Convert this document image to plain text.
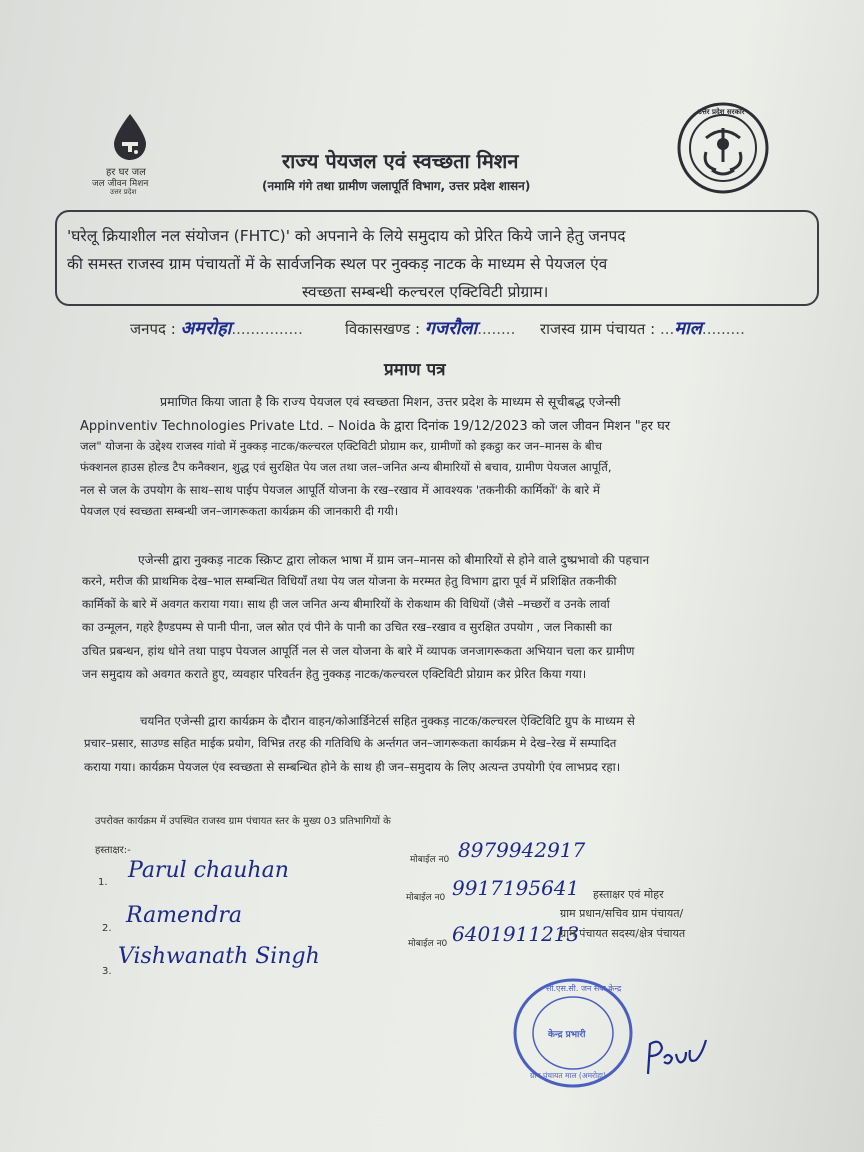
हर घर जल
जल जीवन मिशन
उत्तर प्रदेश
उत्तर प्रदेश सरकार
राज्य पेयजल एवं स्वच्छता मिशन
(नमामि गंगे तथा ग्रामीण जलापूर्ति विभाग, उत्तर प्रदेश शासन)
'घरेलू क्रियाशील नल संयोजन (FHTC)' को अपनाने के लिये समुदाय को प्रेरित किये जाने हेतु जनपद
की समस्त राजस्व ग्राम पंचायतों में के सार्वजनिक स्थल पर नुक्कड़ नाटक के माध्यम से पेयजल एंव
स्वच्छता सम्बन्धी कल्चरल एक्टिविटी प्रोग्राम।
जनपद : अमरोहा...............	विकासखण्ड : गजरौला........ राजस्व ग्राम पंचायत : ...माल.........
प्रमाण पत्र
प्रमाणित किया जाता है कि राज्य पेयजल एवं स्वच्छता मिशन, उत्तर प्रदेश के माध्यम से सूचीबद्ध एजेन्सी
Appinventiv Technologies Private Ltd. – Noida के द्वारा दिनांक 19/12/2023 को जल जीवन मिशन "हर घर
जल" योजना के उद्देश्य राजस्व गांवो में नुक्कड़ नाटक/कल्चरल एक्टिविटी प्रोग्राम कर, ग्रामीणों को इकट्ठा कर जन–मानस के बीच
फंक्शनल हाउस होल्ड टैप कनैक्शन, शुद्ध एवं सुरक्षित पेय जल तथा जल–जनित अन्य बीमारियों से बचाव, ग्रामीण पेयजल आपूर्ति,
नल से जल के उपयोग के साथ–साथ पाईप पेयजल आपूर्ति योजना के रख–रखाव में आवश्यक 'तकनीकी कार्मिकों' के बारे में
पेयजल एवं स्वच्छता सम्बन्धी जन–जागरूकता कार्यक्रम की जानकारी दी गयी।
एजेन्सी द्वारा नुक्कड़ नाटक स्क्रिप्ट द्वारा लोकल भाषा में ग्राम जन–मानस को बीमारियों से होने वाले दुष्प्रभावो की पहचान
करने, मरीज की प्राथमिक देख–भाल सम्बन्धित विधियाँ तथा पेय जल योजना के मरम्मत हेतु विभाग द्वारा पूर्व में प्रशिक्षित तकनीकी
कार्मिकों के बारे में अवगत कराया गया। साथ ही जल जनित अन्य बीमारियों के रोकथाम की विधियों (जैसे –मच्छरों व उनके लार्वा
का उन्मूलन, गहरे हैण्डपम्प से पानी पीना, जल स्रोत एवं पीने के पानी का उचित रख–रखाव व सुरक्षित उपयोग , जल निकासी का
उचित प्रबन्धन, हांथ धोने तथा पाइप पेयजल आपूर्ति नल से जल योजना के बारे में व्यापक जनजागरूकता अभियान चला कर ग्रामीण
जन समुदाय को अवगत कराते हुए, व्यवहार परिवर्तन हेतु नुक्कड़ नाटक/कल्चरल एक्टिविटी प्रोग्राम कर प्रेरित किया गया।
चयनित एजेन्सी द्वारा कार्यक्रम के दौरान वाहन/कोआर्डिनेटर्स सहित नुक्कड़ नाटक/कल्चरल ऐक्टिविटि ग्रुप के माध्यम से
प्रचार–प्रसार, साउण्ड सहित माईक प्रयोग, विभिन्न तरह की गतिविधि के अर्न्तगत जन–जागरूकता कार्यक्रम मे देख–रेख में सम्पादित
कराया गया। कार्यक्रम पेयजल एंव स्वच्छता से सम्बन्धित होने के साथ ही जन–समुदाय के लिए अत्यन्त उपयोगी एंव लाभप्रद रहा।
उपरोक्त कार्यक्रम में उपस्थित राजस्व ग्राम पंचायत स्तर के मुख्य 03 प्रतिभागियों के
हस्ताक्षर:-
1. Parul chauhan
2.
Ramendra
3.
Vishwanath Singh
मोबाईल न0 8979942917
मोबाईल न0 9917195641
मोबाईल न0 6401911213
हस्ताक्षर एवं मोहर
ग्राम प्रधान/सचिव ग्राम पंचायत/
ग्राम पंचायत सदस्य/क्षेत्र पंचायत
सी.एस.सी. जन सेवा केन्द्र
केन्द्र प्रभारी
ग्राम पंचायत माल (अमरोहा)
